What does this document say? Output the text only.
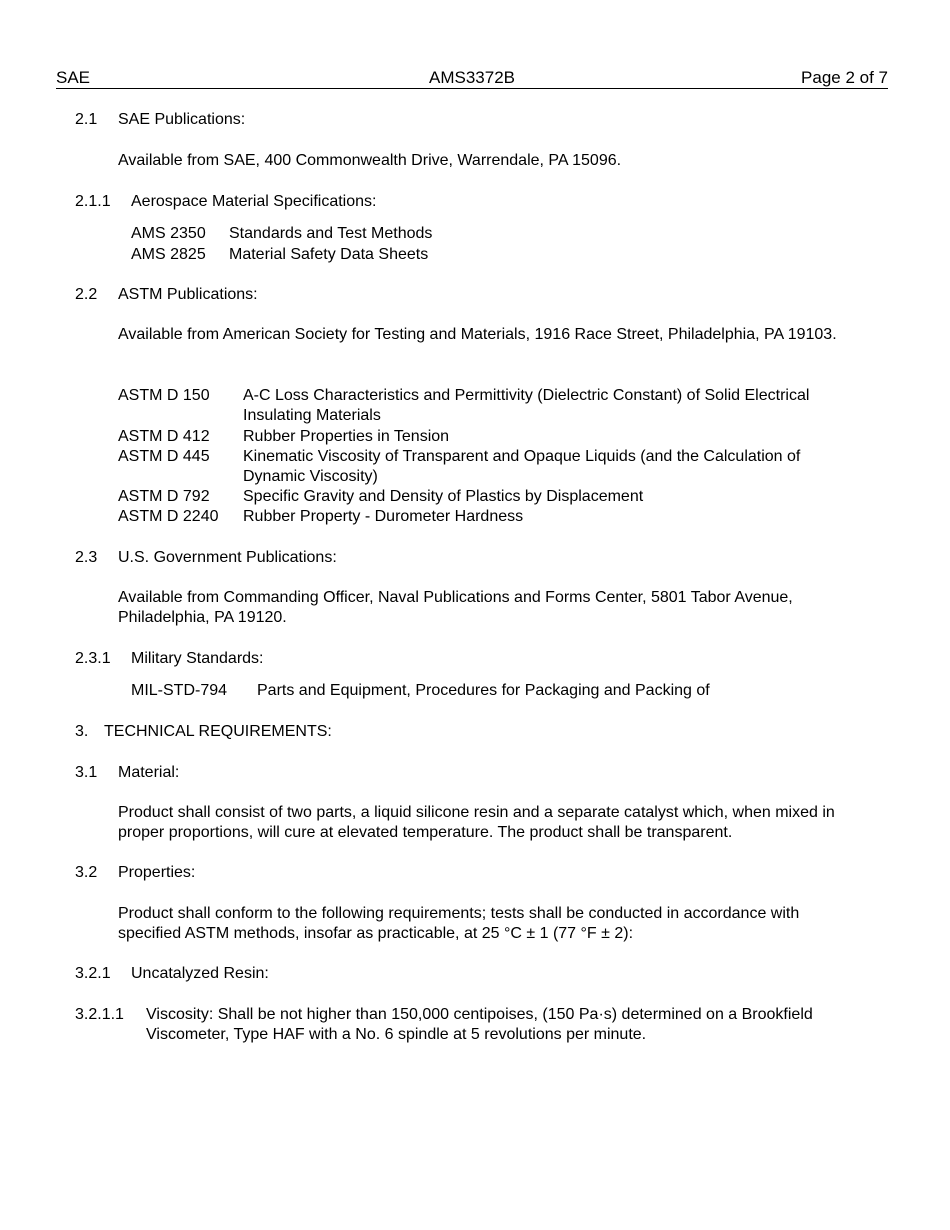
SAE	AMS3372B	Page 2 of 7
2.1 SAE Publications:
Available from SAE, 400 Commonwealth Drive, Warrendale, PA 15096.
2.1.1 Aerospace Material Specifications:
AMS 2350 Standards and Test Methods
AMS 2825 Material Safety Data Sheets
2.2 ASTM Publications:
Available from American Society for Testing and Materials, 1916 Race Street, Philadelphia, PA 19103.
ASTM D 150 A-C Loss Characteristics and Permittivity (Dielectric Constant) of Solid Electrical Insulating Materials
ASTM D 412 Rubber Properties in Tension
ASTM D 445 Kinematic Viscosity of Transparent and Opaque Liquids (and the Calculation of Dynamic Viscosity)
ASTM D 792 Specific Gravity and Density of Plastics by Displacement
ASTM D 2240 Rubber Property - Durometer Hardness
2.3 U.S. Government Publications:
Available from Commanding Officer, Naval Publications and Forms Center, 5801 Tabor Avenue, Philadelphia, PA 19120.
2.3.1 Military Standards:
MIL-STD-794 Parts and Equipment, Procedures for Packaging and Packing of
3. TECHNICAL REQUIREMENTS:
3.1 Material:
Product shall consist of two parts, a liquid silicone resin and a separate catalyst which, when mixed in proper proportions, will cure at elevated temperature. The product shall be transparent.
3.2 Properties:
Product shall conform to the following requirements; tests shall be conducted in accordance with specified ASTM methods, insofar as practicable, at 25 °C ± 1 (77 °F ± 2):
3.2.1 Uncatalyzed Resin:
3.2.1.1 Viscosity: Shall be not higher than 150,000 centipoises, (150 Pa·s) determined on a Brookfield Viscometer, Type HAF with a No. 6 spindle at 5 revolutions per minute.
